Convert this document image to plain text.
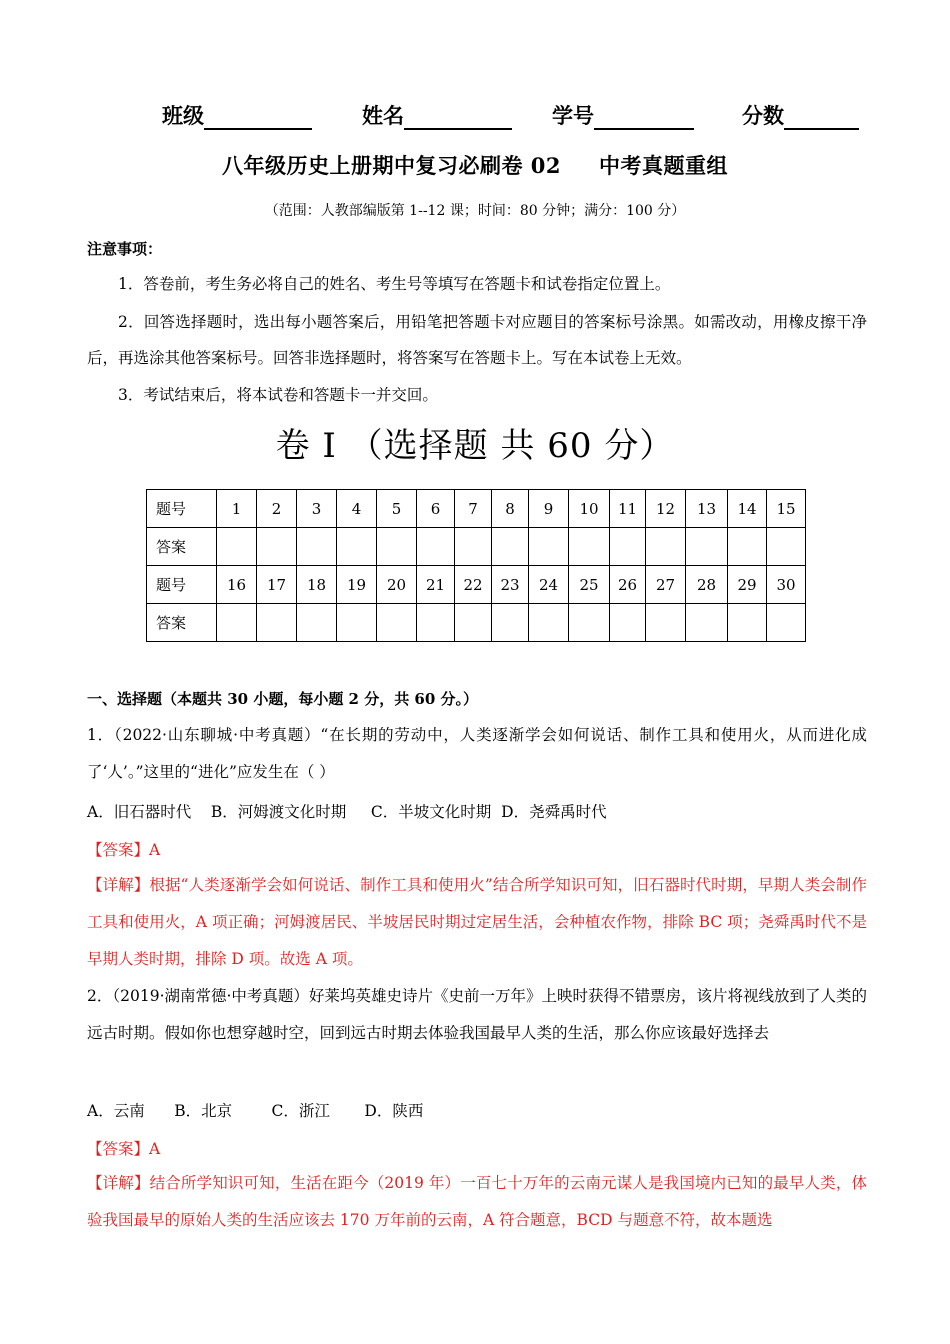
班级	姓名	学号	分数
八年级历史上册期中复习必刷卷 02 中考真题重组
（范围：人教部编版第 1--12 课；时间：80 分钟；满分：100 分）
注意事项：
1．答卷前，考生务必将自己的姓名、考生号等填写在答题卡和试卷指定位置上。
2．回答选择题时，选出每小题答案后，用铅笔把答题卡对应题目的答案标号涂黑。如需改动，用橡皮擦干净后，再选涂其他答案标号。回答非选择题时，将答案写在答题卡上。写在本试卷上无效。
3．考试结束后，将本试卷和答题卡一并交回。
卷 I （选择题 共 60 分）
题号	1	2	3	4	5	6	7	8	9	10	11	12	13	14	15
答案															
题号	16	17	18	19	20	21	22	23	24	25	26	27	28	29	30
答案															
一、选择题（本题共 30 小题，每小题 2 分，共 60 分。）
1．（2022·山东聊城·中考真题）“在长期的劳动中，人类逐渐学会如何说话、制作工具和使用火，从而进化成了‘人’。”这里的“进化”应发生在（ ）
A．旧石器时代    B．河姆渡文化时期     C．半坡文化时期  D．尧舜禹时代
【答案】A
【详解】根据“人类逐渐学会如何说话、制作工具和使用火”结合所学知识可知，旧石器时代时期，早期人类会制作工具和使用火，A 项正确；河姆渡居民、半坡居民时期过定居生活，会种植农作物，排除 BC 项；尧舜禹时代不是早期人类时期，排除 D 项。故选 A 项。
2．（2019·湖南常德·中考真题）好莱坞英雄史诗片《史前一万年》上映时获得不错票房，该片将视线放到了人类的远古时期。假如你也想穿越时空，回到远古时期去体验我国最早人类的生活，那么你应该最好选择去
A．云南      B．北京        C．浙江       D．陕西
【答案】A
【详解】结合所学知识可知，生活在距今（2019 年）一百七十万年的云南元谋人是我国境内已知的最早人类，体验我国最早的原始人类的生活应该去 170 万年前的云南，A 符合题意，BCD 与题意不符，故本题选
